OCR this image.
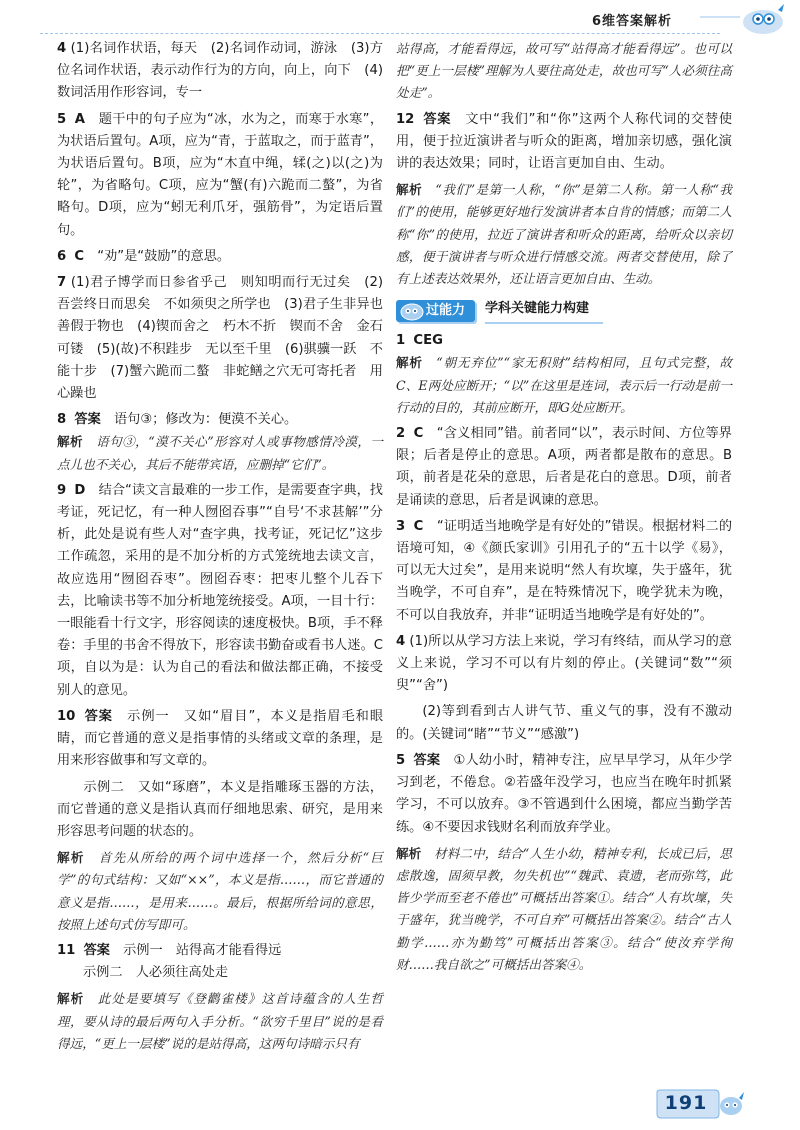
6维答案解析

4 (1)名词作状语，每天　(2)名词作动词，游泳　(3)方位名词作状语，表示动作行为的方向，向上，向下　(4)数词活用作形容词，专一

5 A　 题干中的句子应为“冰，水为之，而寒于水寒”，为状语后置句。A项，应为“青，于蓝取之，而于蓝青”，为状语后置句。B项，应为“木直中绳，𫐓(之)以(之)为轮”，为省略句。C项，应为“蟹(有)六跪而二螯”，为省略句。D项，应为“蚓无利爪牙，强筋骨”，为定语后置句。

6 C　 “劝”是“鼓励”的意思。

7 (1)君子博学而日参省乎己　则知明而行无过矣　(2)吾尝终日而思矣　不如须臾之所学也　(3)君子生非异也　善假于物也　(4)锲而舍之　朽木不折　锲而不舍　金石可镂　(5)(故)不积跬步　无以至千里　(6)骐骥一跃　不能十步　(7)蟹六跪而二螯　非蛇鳝之穴无可寄托者　用心躁也

8 答案　 语句③；修改为：便漠不关心。

解析　 语句③，“漠不关心”形容对人或事物感情冷漠，一点儿也不关心，其后不能带宾语，应删掉“它们”。

9 D　 结合“读文言最难的一步工作，是需要查字典，找考证，死记忆，有一种人囫囵吞事”“自号‘不求甚解’”分析，此处是说有些人对“查字典，找考证，死记忆”这步工作疏忽，采用的是不加分析的方式笼统地去读文言，故应选用“囫囵吞枣”。囫囵吞枣：把枣儿整个儿吞下去，比喻读书等不加分析地笼统接受。A项，一目十行：一眼能看十行文字，形容阅读的速度极快。B项，手不释卷：手里的书舍不得放下，形容读书勤奋或看书人迷。C项，自以为是：认为自己的看法和做法都正确，不接受别人的意见。

10 答案　 示例一　又如“眉目”，本义是指眉毛和眼睛，而它普通的意义是指事情的头绪或文章的条理，是用来形容做事和写文章的。

示例二　又如“琢磨”，本义是指雕琢玉器的方法，而它普通的意义是指认真而仔细地思索、研究，是用来形容思考问题的状态的。

解析　 首先从所给的两个词中选择一个，然后分析“巨学”的句式结构：又如“××”，本义是指……，而它普通的意义是指……，是用来……。最后，根据所给词的意思，按照上述句式仿写即可。

11 答案　 示例一　站得高才能看得远

示例二　人必须往高处走

解析　 此处是要填写《登鹳雀楼》这首诗蕴含的人生哲理，要从诗的最后两句入手分析。“欲穷千里目”说的是看得远，“更上一层楼”说的是站得高，这两句诗暗示只有

站得高，才能看得远，故可写“站得高才能看得远”。也可以把“更上一层楼”理解为人要往高处走，故也可写“人必须往高处走”。

12 答案　 文中“我们”和“你”这两个人称代词的交替使用，便于拉近演讲者与听众的距离，增加亲切感，强化演讲的表达效果；同时，让语言更加自由、生动。

解析　 “我们”是第一人称，“你”是第二人称。第一人称“我们”的使用，能够更好地行发演讲者本自肯的情感；而第二人称“你”的使用，拉近了演讲者和听众的距离，给听众以亲切感，便于演讲者与听众进行情感交流。两者交替使用，除了有上述表达效果外，还让语言更加自由、生动。

过能力	学科关键能力构建

1 CEG

解析　 “朝无弃位”“家无积财”结构相同，且句式完整，故C、E两处应断开；“以”在这里是连词，表示后一行动是前一行动的目的，其前应断开，即G处应断开。

2 C　 “含义相同”错。前者同“以”，表示时间、方位等界限；后者是停止的意思。A项，两者都是散布的意思。B项，前者是花朵的意思，后者是花白的意思。D项，前者是诵读的意思，后者是讽谏的意思。

3 C　 “证明适当地晚学是有好处的”错误。根据材料二的语境可知，④《颜氏家训》引用孔子的“五十以学《易》，可以无大过矣”，是用来说明“然人有坎壈，失于盛年，犹当晚学，不可自弃”，是在特殊情况下，晚学犹未为晚，不可以自我放弃，并非“证明适当地晚学是有好处的”。

4 (1)所以从学习方法上来说，学习有终结，而从学习的意义上来说，学习不可以有片刻的停止。(关键词“数”“须臾”“舍”)

(2)等到看到古人讲气节、重义气的事，没有不激动的。(关键词“睹”“节义”“感激”)

5 答案　 ①人幼小时，精神专注，应早早学习，从年少学习到老，不倦怠。②若盛年没学习，也应当在晚年时抓紧学习，不可以放弃。③不管遇到什么困境，都应当勤学苦练。④不要因求钱财名利而放弃学业。

解析　 材料二中，结合“人生小幼，精神专利，长成已后，思虑散逸，固须早教，勿失机也”“魏武、袁遗，老而弥笃，此皆少学而至老不倦也”可概括出答案①。结合“人有坎壈，失于盛年，犹当晚学，不可自弃”可概括出答案②。结合“古人勤学……亦为勤笃”可概括出答案③。结合“使汝弃学徇财……我自欲之”可概括出答案④。

191
